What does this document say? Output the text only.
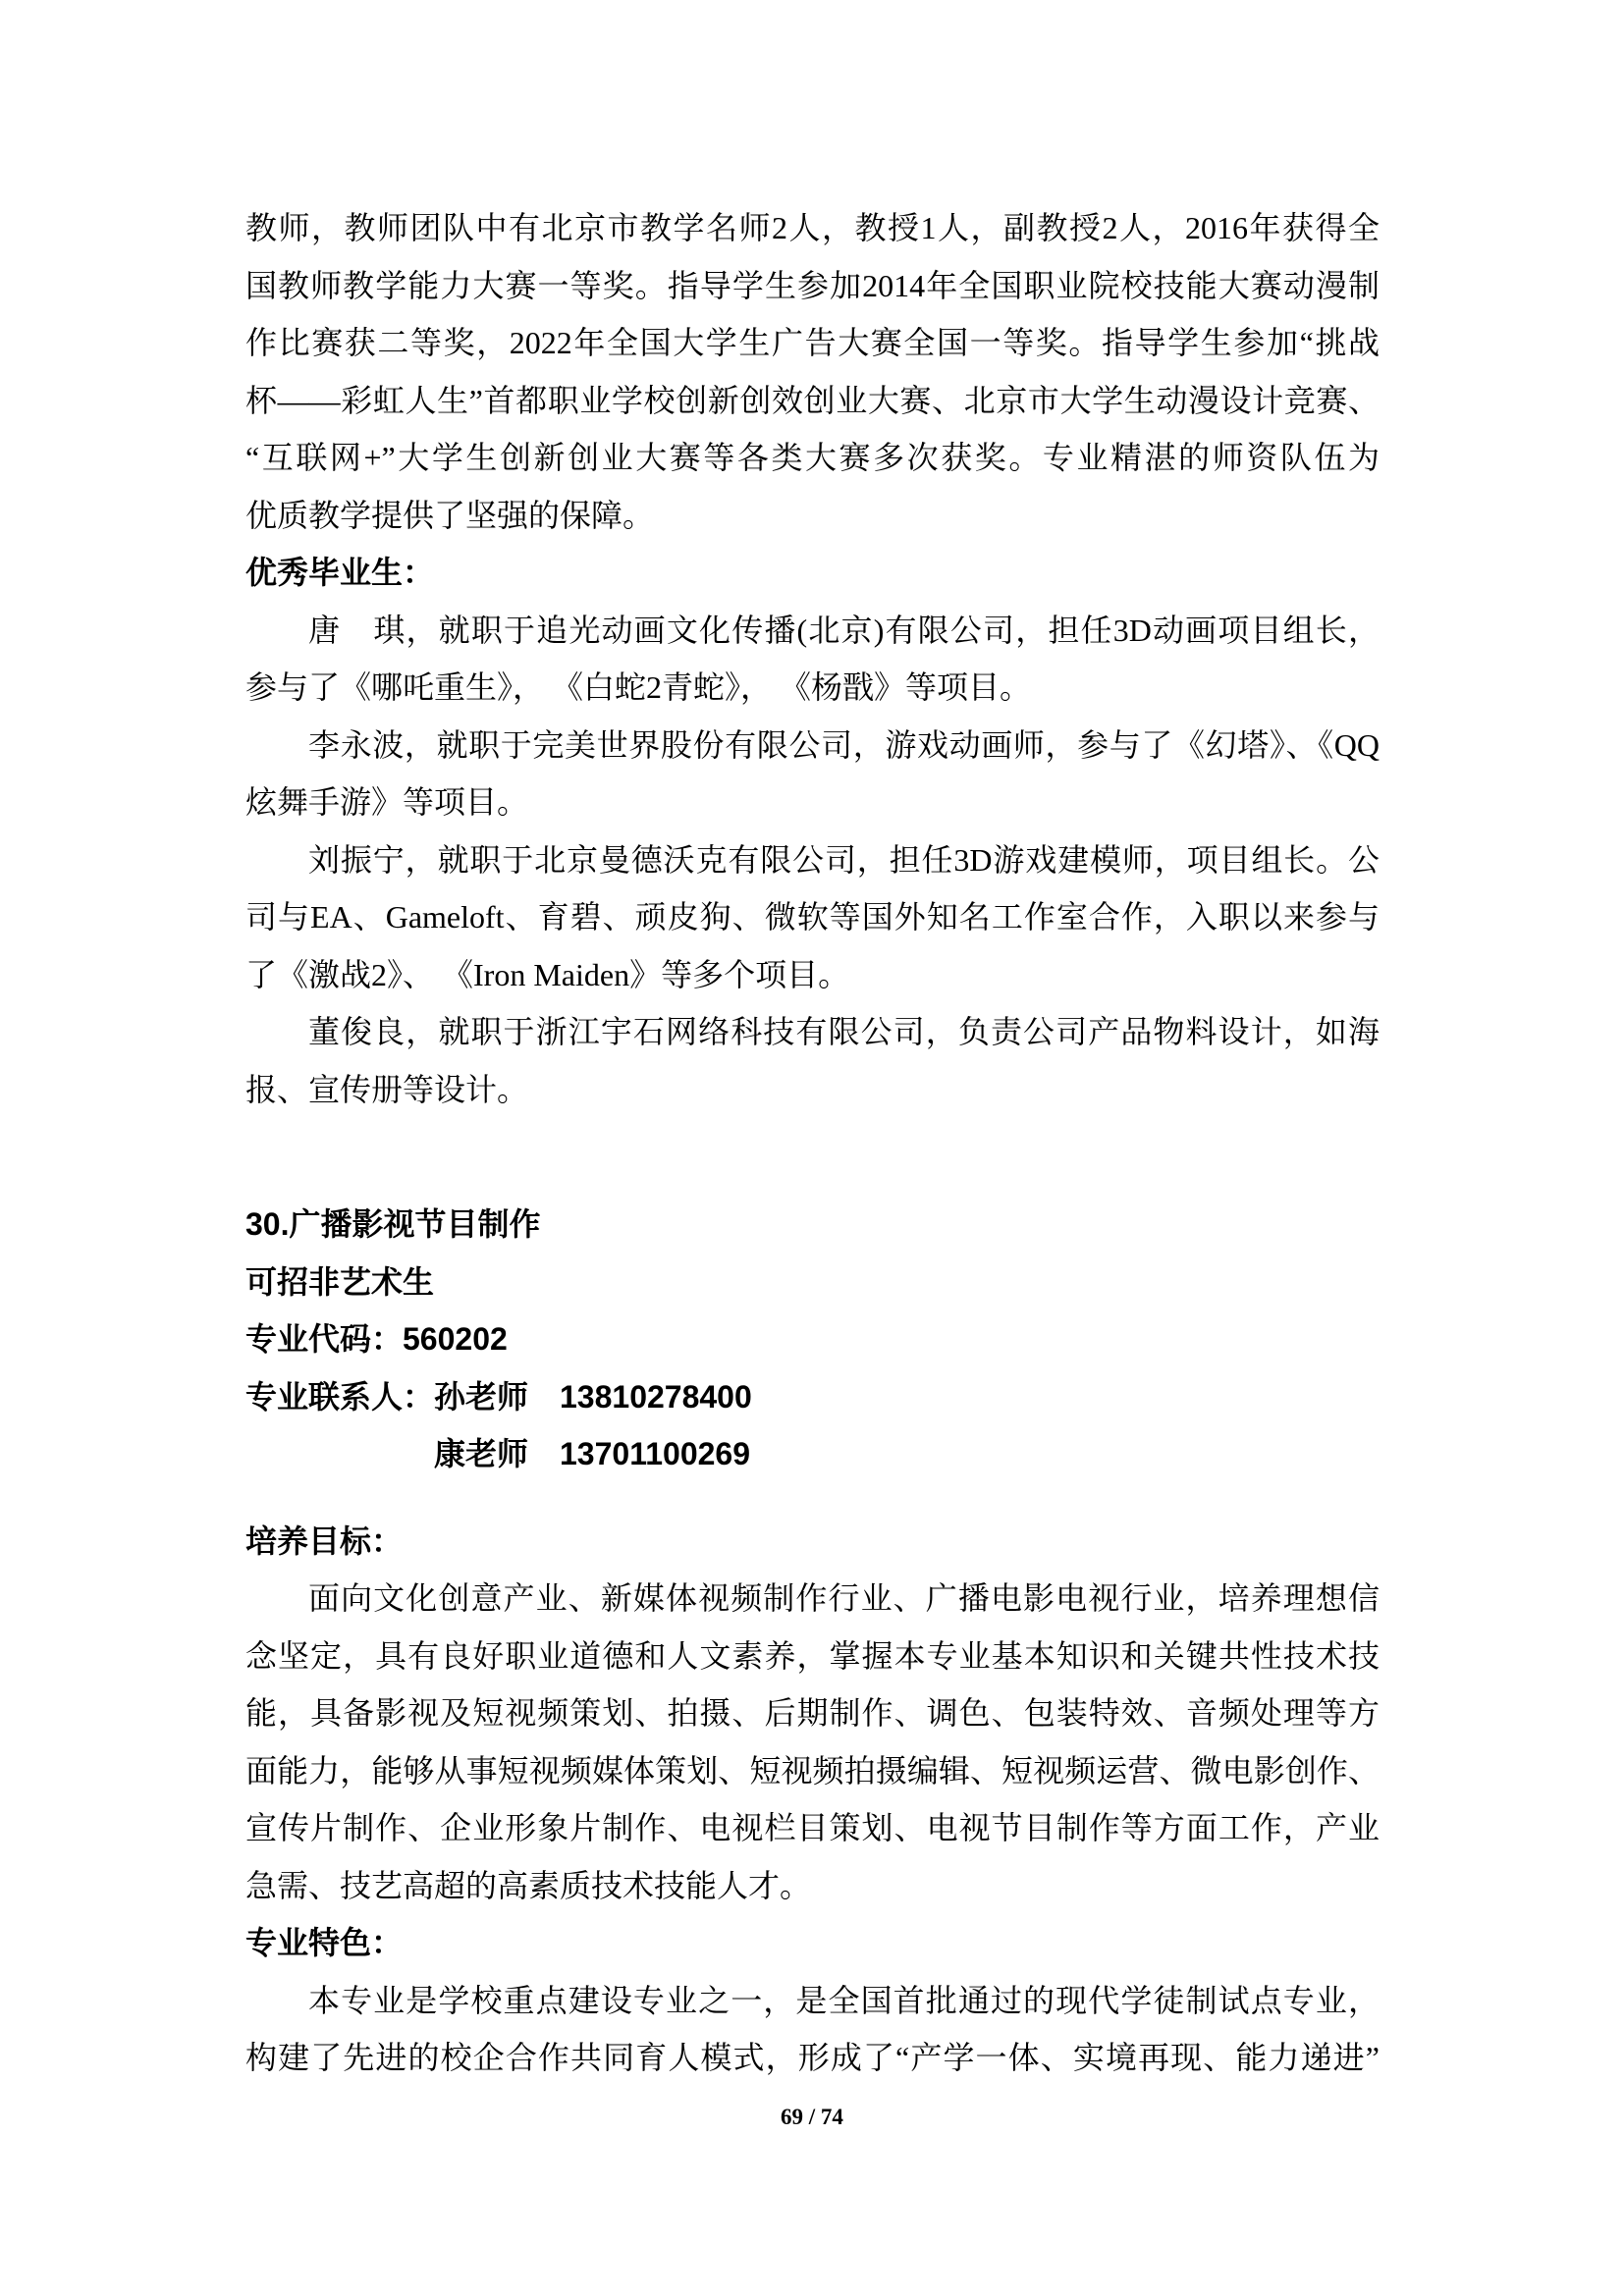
教师，教师团队中有北京市教学名师2人，教授1人，副教授2人，2016年获得全
国教师教学能力大赛一等奖。指导学生参加2014年全国职业院校技能大赛动漫制
作比赛获二等奖，2022年全国大学生广告大赛全国一等奖。指导学生参加“挑战
杯——彩虹人生”首都职业学校创新创效创业大赛、北京市大学生动漫设计竞赛、
“互联网+”大学生创新创业大赛等各类大赛多次获奖。专业精湛的师资队伍为
优质教学提供了坚强的保障。
优秀毕业生：
唐　琪，就职于追光动画文化传播(北京)有限公司，担任3D动画项目组长，
参与了《哪吒重生》， 《白蛇2青蛇》， 《杨戬》等项目。
李永波，就职于完美世界股份有限公司，游戏动画师，参与了《幻塔》、《QQ
炫舞手游》等项目。
刘振宁，就职于北京曼德沃克有限公司，担任3D游戏建模师，项目组长。公
司与EA、Gameloft、育碧、顽皮狗、微软等国外知名工作室合作，入职以来参与
了《激战2》、 《Iron Maiden》等多个项目。
董俊良，就职于浙江宇石网络科技有限公司，负责公司产品物料设计，如海
报、宣传册等设计。
30.广播影视节目制作
可招非艺术生
专业代码：560202
专业联系人：孙老师　13810278400
康老师　13701100269
培养目标：
面向文化创意产业、新媒体视频制作行业、广播电影电视行业，培养理想信
念坚定，具有良好职业道德和人文素养，掌握本专业基本知识和关键共性技术技
能，具备影视及短视频策划、拍摄、后期制作、调色、包装特效、音频处理等方
面能力，能够从事短视频媒体策划、短视频拍摄编辑、短视频运营、微电影创作、
宣传片制作、企业形象片制作、电视栏目策划、电视节目制作等方面工作，产业
急需、技艺高超的高素质技术技能人才。
专业特色：
本专业是学校重点建设专业之一，是全国首批通过的现代学徒制试点专业，
构建了先进的校企合作共同育人模式，形成了“产学一体、实境再现、能力递进”
69 / 74
